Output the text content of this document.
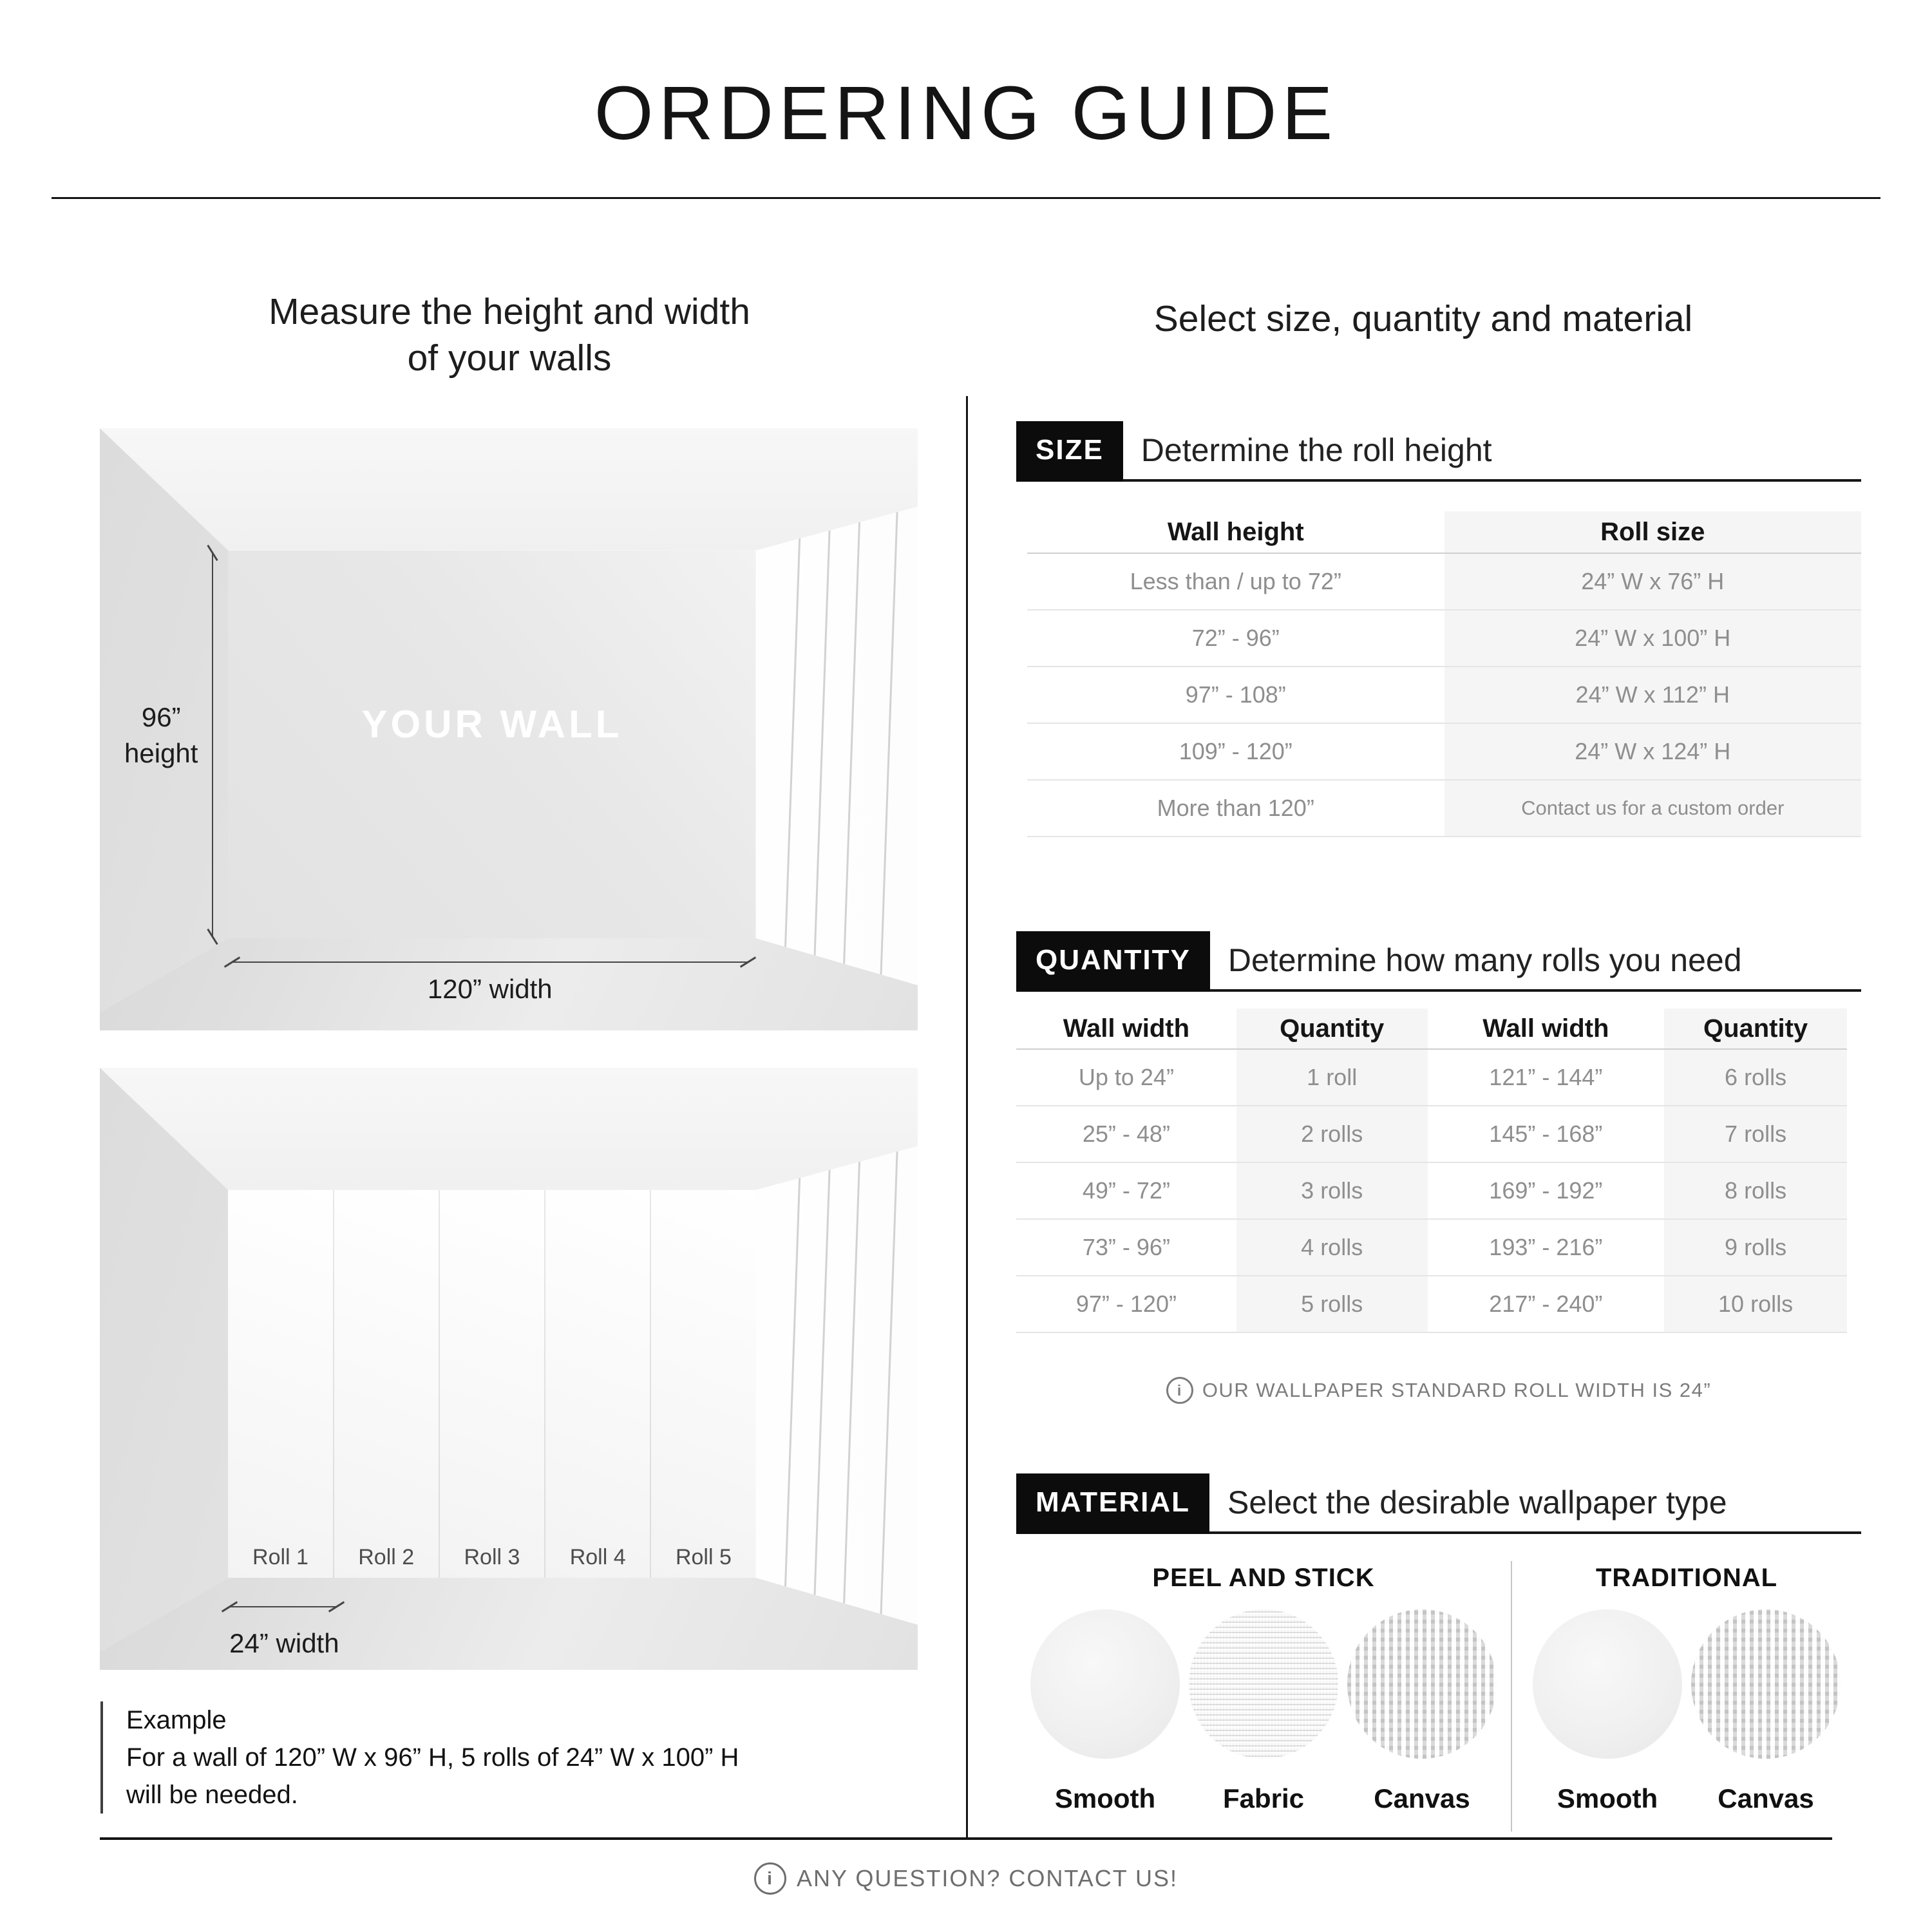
ORDERING GUIDE
Measure the height and width
of your walls
Select size, quantity and material
96”
height
YOUR WALL
120” width
Roll 1	Roll 2	Roll 3	Roll 4	Roll 5
24” width
Example
For a wall of 120” W x 96” H, 5 rolls of 24” W x 100” H
will be needed.
SIZE	Determine the roll height
Wall height	Roll size
Less than / up to 72”	24” W x 76” H
72” - 96”	24” W x 100” H
97” - 108”	24” W x 112” H
109” - 120”	24” W x 124” H
More than 120”	Contact us for a custom order
QUANTITY	Determine how many rolls you need
Wall width	Quantity	Wall width	Quantity
Up to 24”	1 roll	121” - 144”	6 rolls
25” - 48”	2 rolls	145” - 168”	7 rolls
49” - 72”	3 rolls	169” - 192”	8 rolls
73” - 96”	4 rolls	193” - 216”	9 rolls
97” - 120”	5 rolls	217” - 240”	10 rolls
i
OUR WALLPAPER STANDARD ROLL WIDTH IS 24”
MATERIAL	Select the desirable wallpaper type
PEEL AND STICK
Smooth Fabric	Canvas
TRADITIONAL
Smooth Canvas
i
ANY QUESTION? CONTACT US!
